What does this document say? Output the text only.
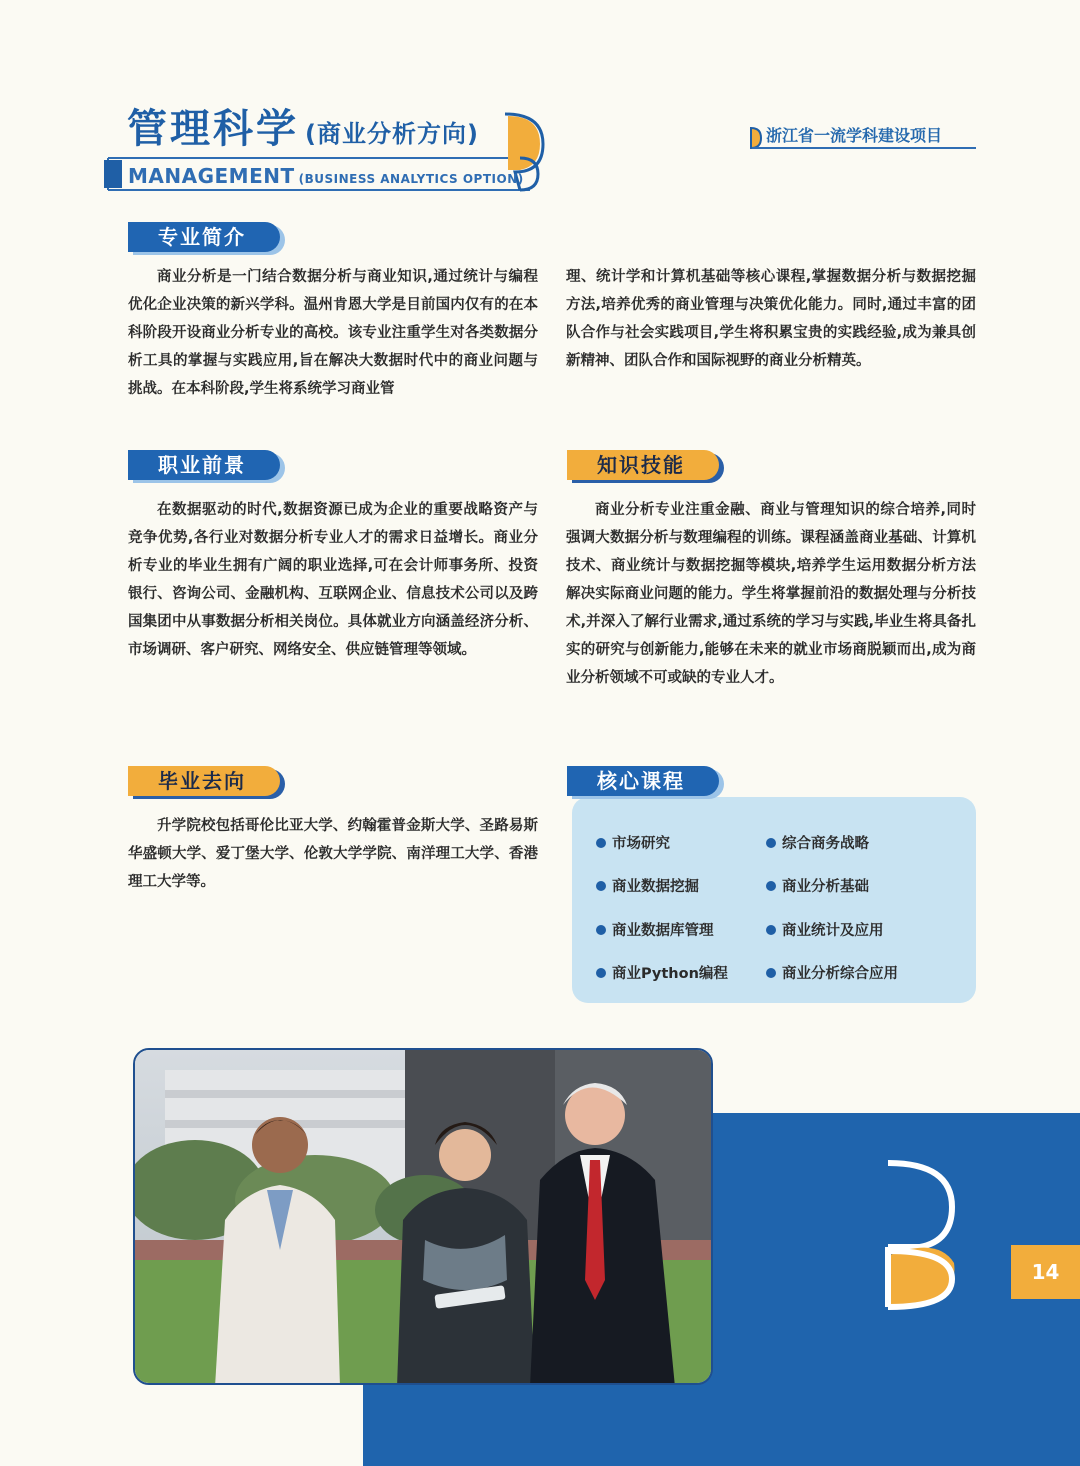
管理科学 (商业分析方向)
MANAGEMENT (BUSINESS ANALYTICS OPTION)
浙江省一流学科建设项目
专业简介

商业分析是一门结合数据分析与商业知识,通过统计与编程优化企业决策的新兴学科。温州肯恩大学是目前国内仅有的在本科阶段开设商业分析专业的高校。该专业注重学生对各类数据分析工具的掌握与实践应用,旨在解决大数据时代中的商业问题与挑战。在本科阶段,学生将系统学习商业管

理、统计学和计算机基础等核心课程,掌握数据分析与数据挖掘方法,培养优秀的商业管理与决策优化能力。同时,通过丰富的团队合作与社会实践项目,学生将积累宝贵的实践经验,成为兼具创新精神、团队合作和国际视野的商业分析精英。

职业前景

在数据驱动的时代,数据资源已成为企业的重要战略资产与竞争优势,各行业对数据分析专业人才的需求日益增长。商业分析专业的毕业生拥有广阔的职业选择,可在会计师事务所、投资银行、咨询公司、金融机构、互联网企业、信息技术公司以及跨国集团中从事数据分析相关岗位。具体就业方向涵盖经济分析、市场调研、客户研究、网络安全、供应链管理等领域。

知识技能

商业分析专业注重金融、商业与管理知识的综合培养,同时强调大数据分析与数理编程的训练。课程涵盖商业基础、计算机技术、商业统计与数据挖掘等模块,培养学生运用数据分析方法解决实际商业问题的能力。学生将掌握前沿的数据处理与分析技术,并深入了解行业需求,通过系统的学习与实践,毕业生将具备扎实的研究与创新能力,能够在未来的就业市场商脱颖而出,成为商业分析领域不可或缺的专业人才。

毕业去向

升学院校包括哥伦比亚大学、约翰霍普金斯大学、圣路易斯华盛顿大学、爱丁堡大学、伦敦大学学院、南洋理工大学、香港理工大学等。

核心课程
市场研究	综合商务战略
商业数据挖掘	商业分析基础
商业数据库管理	商业统计及应用
商业Python编程	商业分析综合应用
14
